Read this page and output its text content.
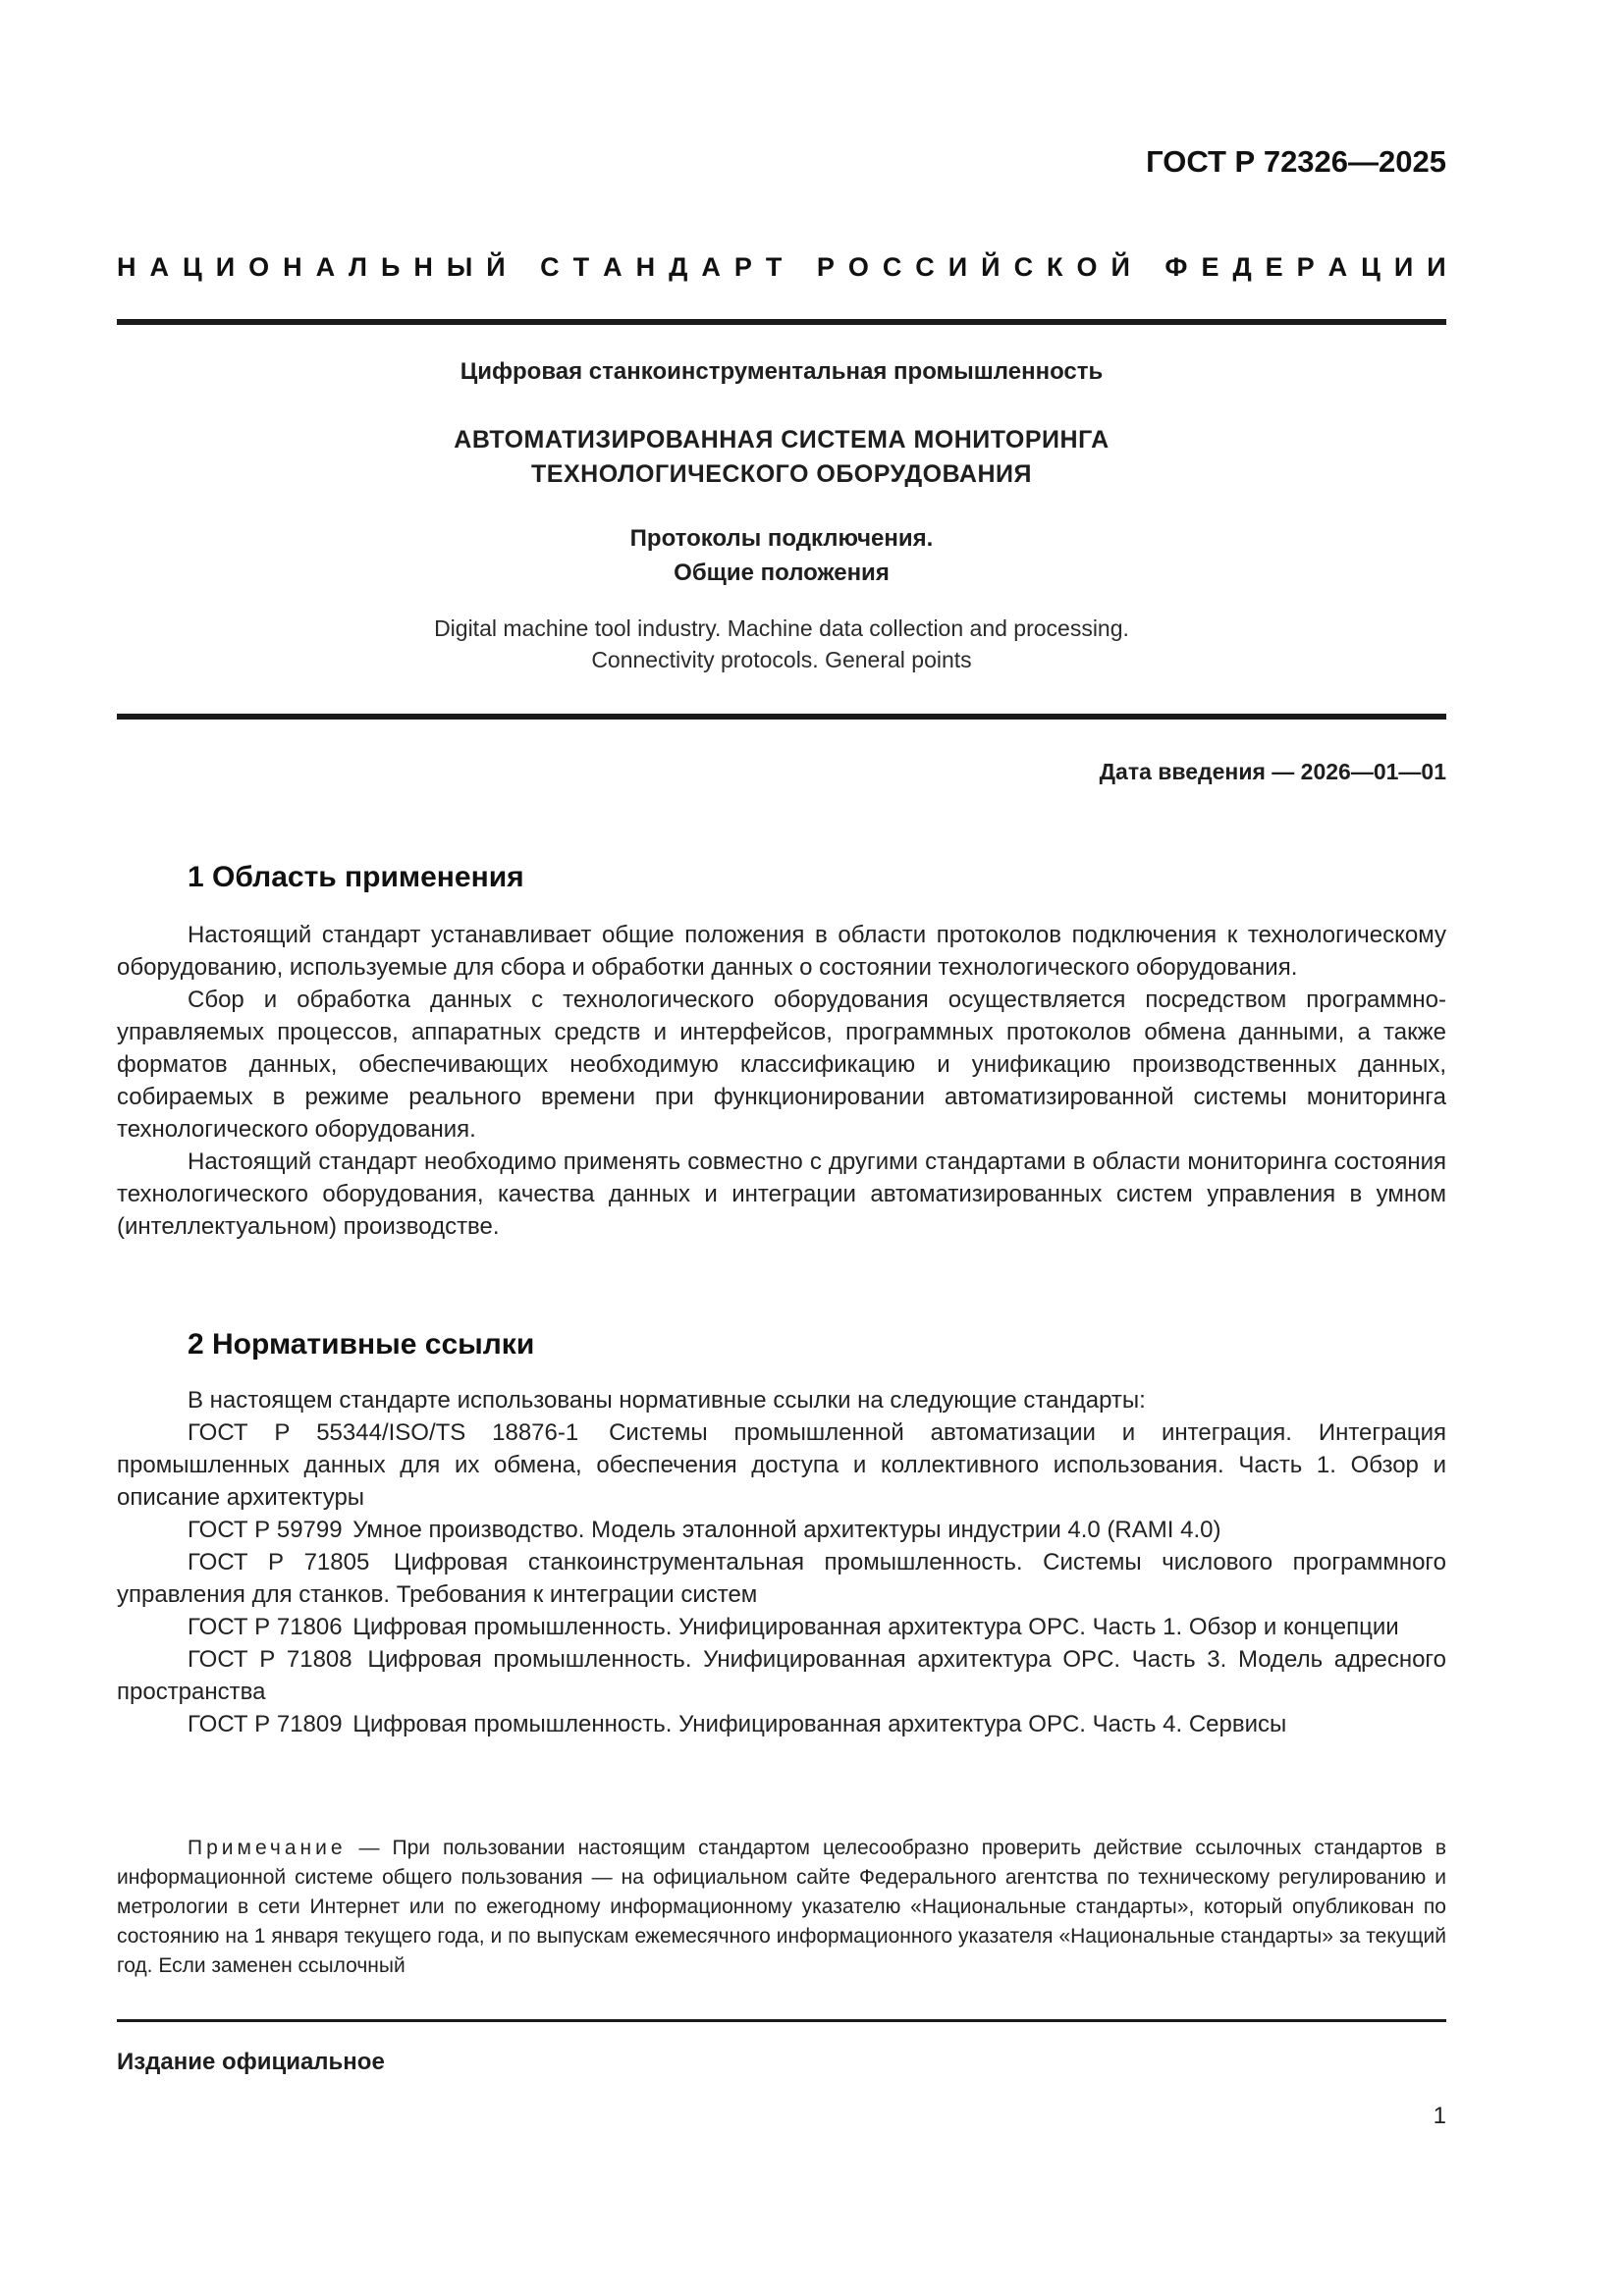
ГОСТ Р 72326—2025
Н А Ц И О Н А Л Ь Н Ы Й
С Т А Н Д А Р Т
Р О С С И Й С К О Й
Ф Е Д Е Р А Ц И И
Цифровая станкоинструментальная промышленность
АВТОМАТИЗИРОВАННАЯ СИСТЕМА МОНИТОРИНГА
ТЕХНОЛОГИЧЕСКОГО ОБОРУДОВАНИЯ
Протоколы подключения.
Общие положения
Digital machine tool industry. Machine data collection and processing.
Connectivity protocols. General points
Дата введения — 2026—01—01
1 Область применения

Настоящий стандарт устанавливает общие положения в области протоколов подключения к технологическому оборудованию, используемые для сбора и обработки данных о состоянии технологического оборудования.

Сбор и обработка данных с технологического оборудования осуществляется посредством программно-управляемых процессов, аппаратных средств и интерфейсов, программных протоколов обмена данными, а также форматов данных, обеспечивающих необходимую классификацию и унификацию производственных данных, собираемых в режиме реального времени при функционировании автоматизированной системы мониторинга технологического оборудования.

Настоящий стандарт необходимо применять совместно с другими стандартами в области мониторинга состояния технологического оборудования, качества данных и интеграции автоматизированных систем управления в умном (интеллектуальном) производстве.

2 Нормативные ссылки

В настоящем стандарте использованы нормативные ссылки на следующие стандарты:

ГОСТ Р 55344/ISO/TS 18876-1 Системы промышленной автоматизации и интеграция. Интеграция промышленных данных для их обмена, обеспечения доступа и коллективного использования. Часть 1. Обзор и описание архитектуры

ГОСТ Р 59799 Умное производство. Модель эталонной архитектуры индустрии 4.0 (RAMI 4.0)

ГОСТ Р 71805 Цифровая станкоинструментальная промышленность. Системы числового программного управления для станков. Требования к интеграции систем

ГОСТ Р 71806 Цифровая промышленность. Унифицированная архитектура OPC. Часть 1. Обзор и концепции

ГОСТ Р 71808 Цифровая промышленность. Унифицированная архитектура OPC. Часть 3. Модель адресного пространства

ГОСТ Р 71809 Цифровая промышленность. Унифицированная архитектура OPC. Часть 4. Сервисы

Примечание — При пользовании настоящим стандартом целесообразно проверить действие ссылочных стандартов в информационной системе общего пользования — на официальном сайте Федерального агентства по техническому регулированию и метрологии в сети Интернет или по ежегодному информационному указателю «Национальные стандарты», который опубликован по состоянию на 1 января текущего года, и по выпускам ежемесячного информационного указателя «Национальные стандарты» за текущий год. Если заменен ссылочный
Издание официальное
1
